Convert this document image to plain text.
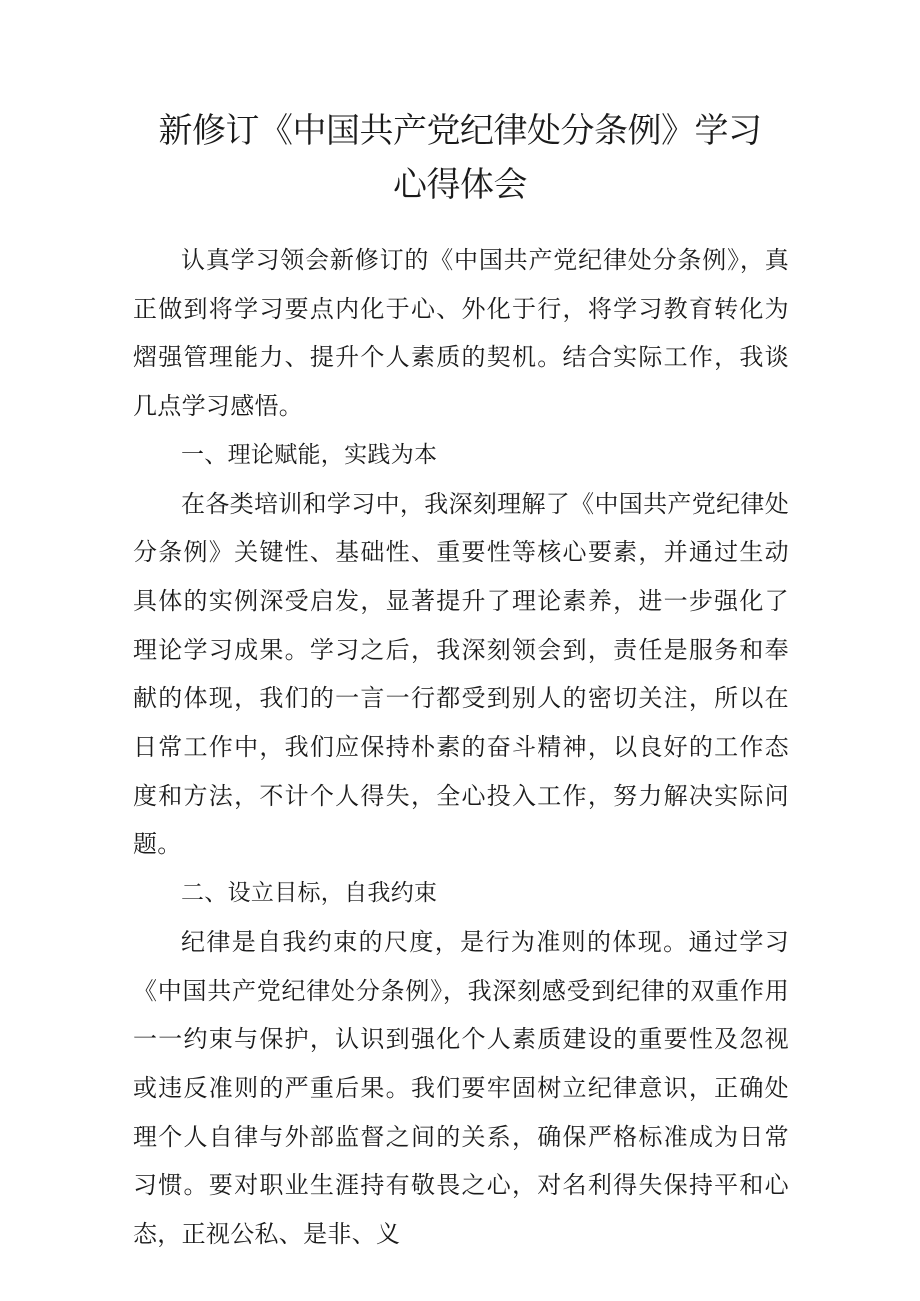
新修订《中国共产党纪律处分条例》学习
心得体会

认真学习领会新修订的《中国共产党纪律处分条例》，真正做到将学习要点内化于心、外化于行，将学习教育转化为熠强管理能力、提升个人素质的契机。结合实际工作，我谈几点学习感悟。

一、理论赋能，实践为本

在各类培训和学习中，我深刻理解了《中国共产党纪律处分条例》关键性、基础性、重要性等核心要素，并通过生动具体的实例深受启发，显著提升了理论素养，进一步强化了理论学习成果。学习之后，我深刻领会到，责任是服务和奉献的体现，我们的一言一行都受到别人的密切关注，所以在日常工作中，我们应保持朴素的奋斗精神，以良好的工作态度和方法，不计个人得失，全心投入工作，努力解决实际问题。

二、设立目标，自我约束

纪律是自我约束的尺度，是行为准则的体现。通过学习《中国共产党纪律处分条例》，我深刻感受到纪律的双重作用一一约束与保护，认识到强化个人素质建设的重要性及忽视或违反准则的严重后果。我们要牢固树立纪律意识，正确处理个人自律与外部监督之间的关系，确保严格标准成为日常习惯。要对职业生涯持有敬畏之心，对名利得失保持平和心态，正视公私、是非、义
